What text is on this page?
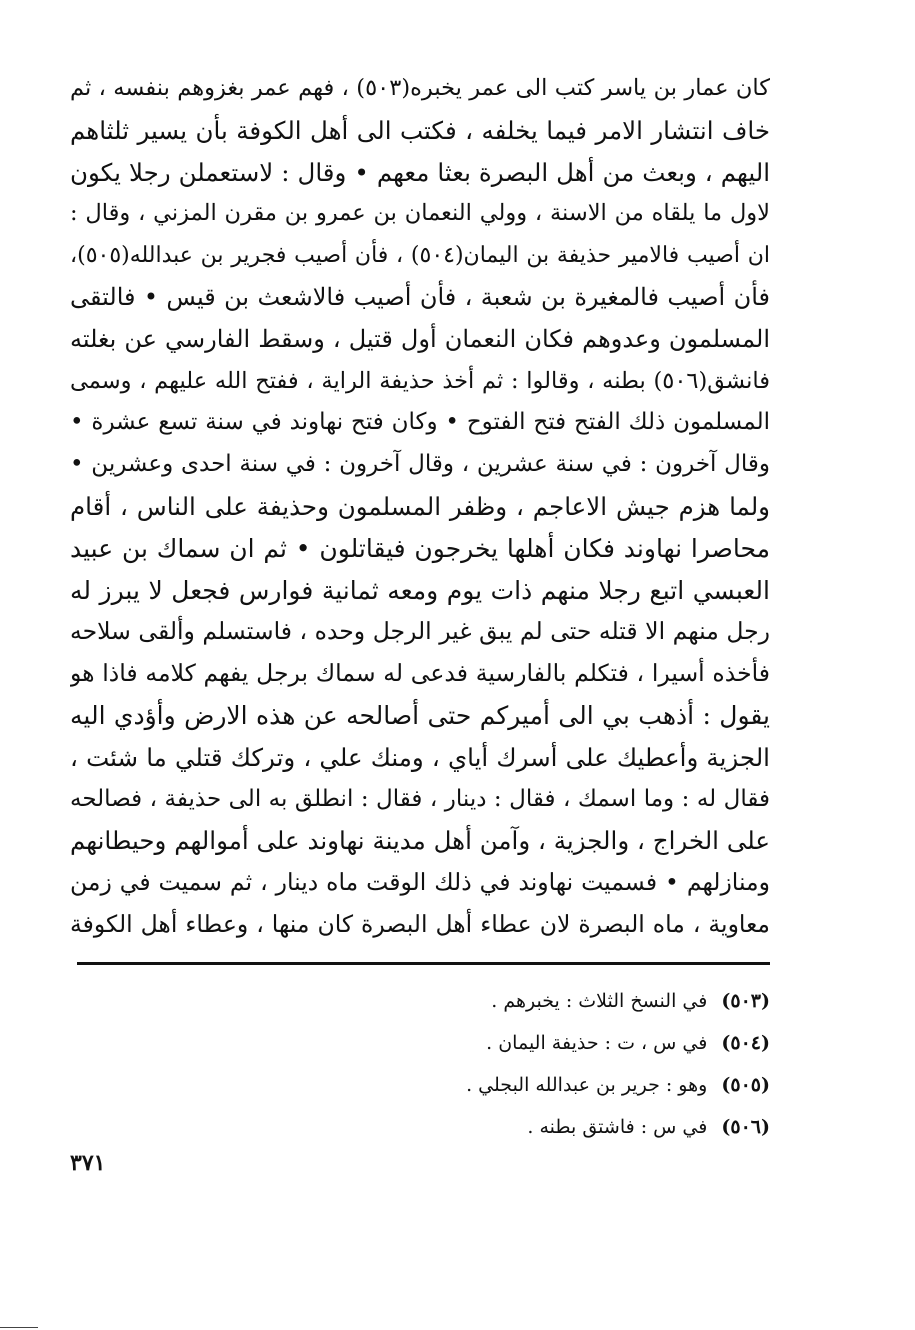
كان عمار بن ياسر كتب الى عمر يخبره(٥٠٣) ، فهم عمر بغزوهم بنفسه ، ثم
خاف انتشار الامر فيما يخلفه ، فكتب الى أهل الكوفة بأن يسير ثلثاهم
اليهم ، وبعث من أهل البصرة بعثا معهم • وقال : لاستعملن رجلا يكون
لاول ما يلقاه من الاسنة ، وولي النعمان بن عمرو بن مقرن المزني ، وقال :
ان أصيب فالامير حذيفة بن اليمان(٥٠٤) ، فأن أصيب فجرير بن عبدالله(٥٠٥)،
فأن أصيب فالمغيرة بن شعبة ، فأن أصيب فالاشعث بن قيس • فالتقى
المسلمون وعدوهم فكان النعمان أول قتيل ، وسقط الفارسي عن بغلته
فانشق(٥٠٦) بطنه ، وقالوا : ثم أخذ حذيفة الراية ، ففتح الله عليهم ، وسمى
المسلمون ذلك الفتح فتح الفتوح • وكان فتح نهاوند في سنة تسع عشرة •
وقال آخرون : في سنة عشرين ، وقال آخرون : في سنة احدى وعشرين •
ولما هزم جيش الاعاجم ، وظفر المسلمون وحذيفة على الناس ، أقام
محاصرا نهاوند فكان أهلها يخرجون فيقاتلون • ثم ان سماك بن عبيد
العبسي اتبع رجلا منهم ذات يوم ومعه ثمانية فوارس فجعل لا يبرز له
رجل منهم الا قتله حتى لم يبق غير الرجل وحده ، فاستسلم وألقى سلاحه
فأخذه أسيرا ، فتكلم بالفارسية فدعى له سماك برجل يفهم كلامه فاذا هو
يقول : أذهب بي الى أميركم حتى أصالحه عن هذه الارض وأؤدي اليه
الجزية وأعطيك على أسرك أياي ، ومنك علي ، وتركك قتلي ما شئت ،
فقال له : وما اسمك ، فقال : دينار ، فقال : انطلق به الى حذيفة ، فصالحه
على الخراج ، والجزية ، وآمن أهل مدينة نهاوند على أموالهم وحيطانهم
ومنازلهم • فسميت نهاوند في ذلك الوقت ماه دينار ، ثم سميت في زمن
معاوية ، ماه البصرة لان عطاء أهل البصرة كان منها ، وعطاء أهل الكوفة
(٥٠٣) في النسخ الثلاث : يخبرهم .
(٥٠٤) في س ، ت : حذيفة اليمان .
(٥٠٥) وهو : جرير بن عبدالله البجلي .
(٥٠٦) في س : فاشتق بطنه .
٣٧١
